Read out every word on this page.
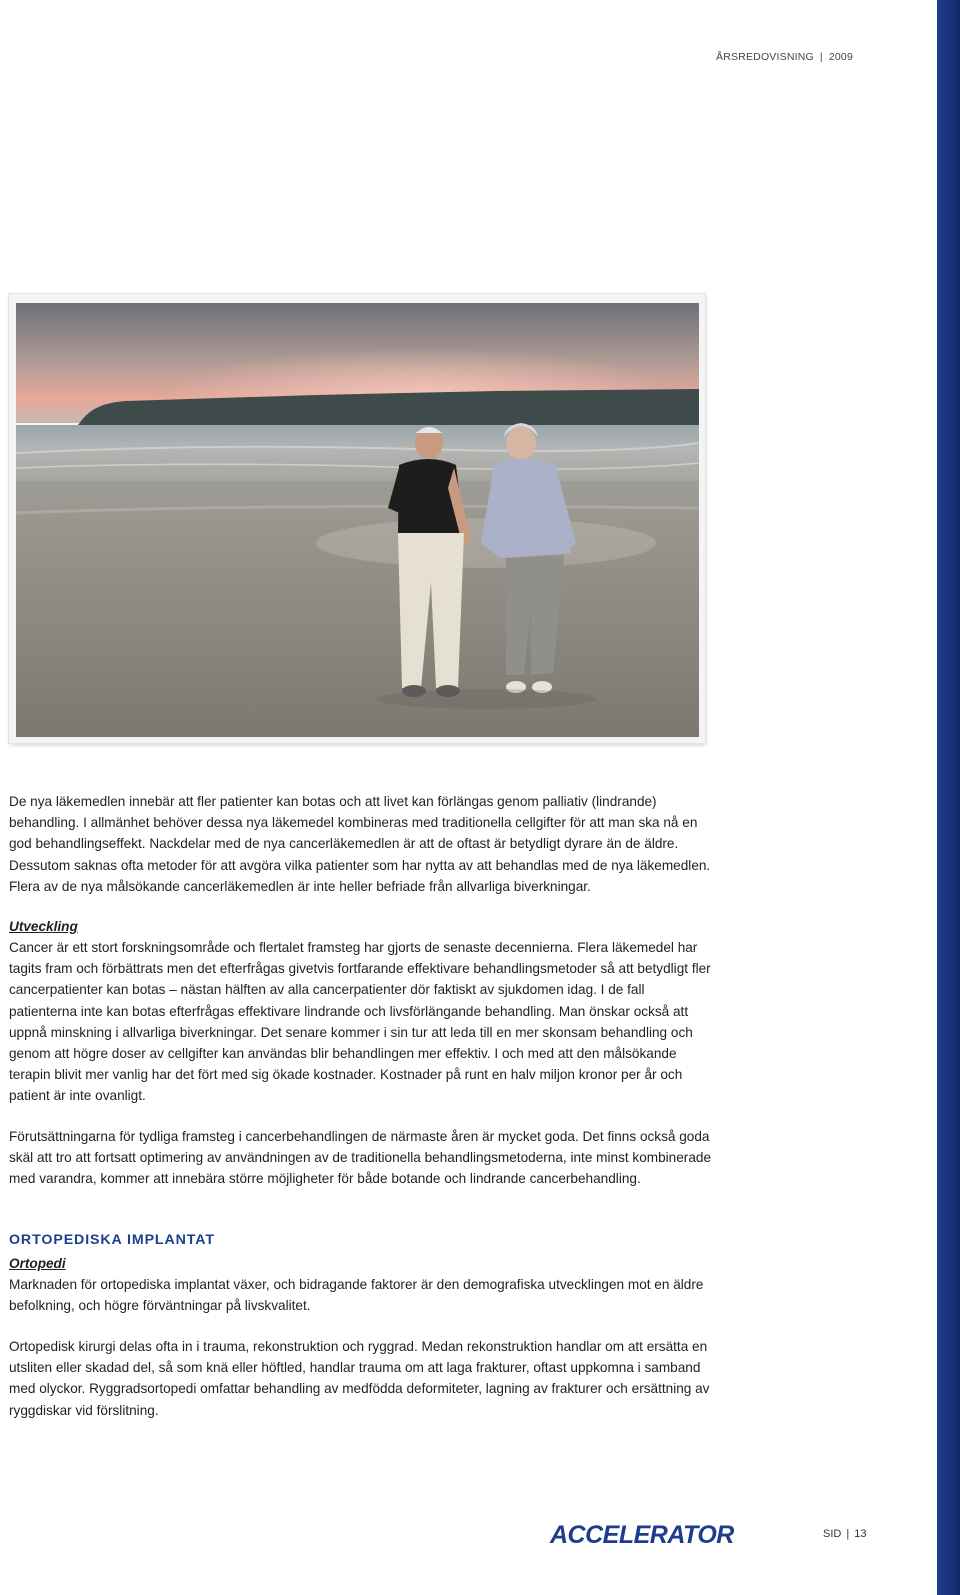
ÅRSREDOVISNING | 2009

De nya läkemedlen innebär att fler patienter kan botas och att livet kan förlängas genom palliativ (lindrande) behandling. I allmänhet behöver dessa nya läkemedel kombineras med traditionella cellgifter för att man ska nå en god behandlingseffekt. Nackdelar med de nya cancerläkemedlen är att de oftast är betydligt dyrare än de äldre. Dessutom saknas ofta metoder för att avgöra vilka patienter som har nytta av att behandlas med de nya läkemedlen. Flera av de nya målsökande cancerläkemedlen är inte heller befriade från allvarliga biverkningar.

Utveckling

Cancer är ett stort forskningsområde och flertalet framsteg har gjorts de senaste decennierna. Flera läkemedel har tagits fram och förbättrats men det efterfrågas givetvis fortfarande effektivare behandlingsmetoder så att betydligt fler cancerpatienter kan botas – nästan hälften av alla cancerpatienter dör faktiskt av sjukdomen idag. I de fall patienterna inte kan botas efterfrågas effektivare lindrande och livsförlängande behandling. Man önskar också att uppnå minskning i allvarliga biverkningar. Det senare kommer i sin tur att leda till en mer skonsam behandling och genom att högre doser av cellgifter kan användas blir behandlingen mer effektiv. I och med att den målsökande terapin blivit mer vanlig har det fört med sig ökade kostnader. Kostnader på runt en halv miljon kronor per år och patient är inte ovanligt.

Förutsättningarna för tydliga framsteg i cancerbehandlingen de närmaste åren är mycket goda. Det finns också goda skäl att tro att fortsatt optimering av användningen av de traditionella behandlingsmetoderna, inte minst kombinerade med varandra, kommer att innebära större möjligheter för både botande och lindrande cancerbehandling.

ORTOPEDISKA IMPLANTAT
Ortopedi

Marknaden för ortopediska implantat växer, och bidragande faktorer är den demografiska utvecklingen mot en äldre befolkning, och högre förväntningar på livskvalitet.

Ortopedisk kirurgi delas ofta in i trauma, rekonstruktion och ryggrad. Medan rekonstruktion handlar om att ersätta en utsliten eller skadad del, så som knä eller höftled, handlar trauma om att laga frakturer, oftast uppkomna i samband med olyckor. Ryggradsortopedi omfattar behandling av medfödda deformiteter, lagning av frakturer och ersättning av ryggdiskar vid förslitning.

ACCELERATOR	SID | 13
